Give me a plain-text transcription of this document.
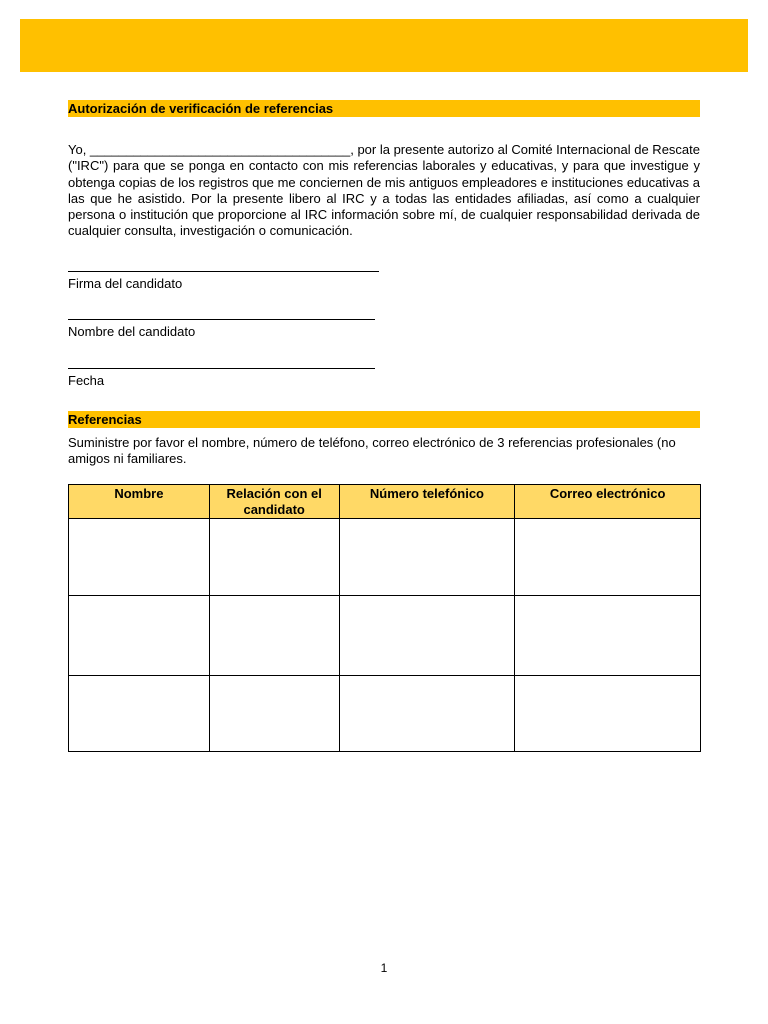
Autorización de verificación de referencias
Yo, ____________________________________, por la presente autorizo al Comité Internacional de Rescate ("IRC") para que se ponga en contacto con mis referencias laborales y educativas, y para que investigue y obtenga copias de los registros que me conciernen de mis antiguos empleadores e instituciones educativas a las que he asistido. Por la presente libero al IRC y a todas las entidades afiliadas, así como a cualquier persona o institución que proporcione al IRC información sobre mí, de cualquier responsabilidad derivada de cualquier consulta, investigación o comunicación.
Firma del candidato
Nombre del candidato
Fecha
Referencias
Suministre por favor el nombre, número de teléfono, correo electrónico de 3 referencias profesionales (no amigos ni familiares.
Nombre	Relación con el candidato	Número telefónico	Correo electrónico

1
